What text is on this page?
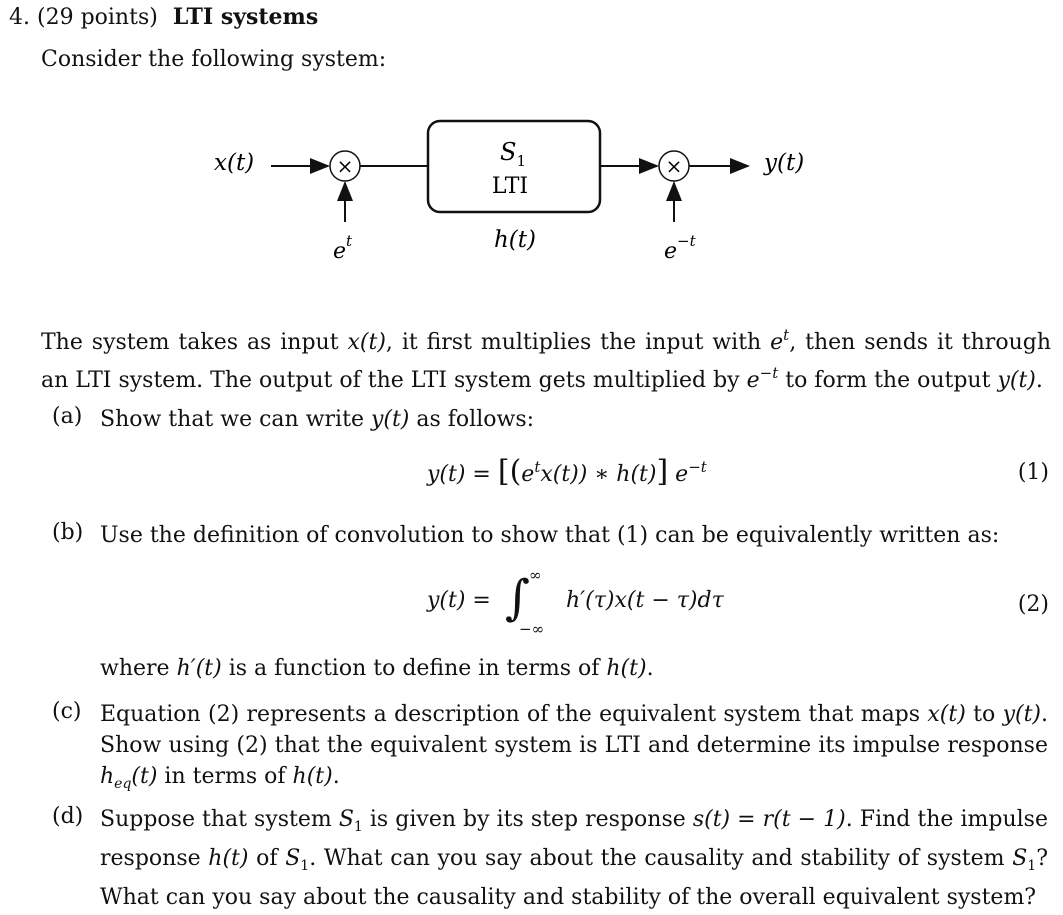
4. (29 points) LTI systems
Consider the following system:
×	$S_1$
LTI
×
x(t)	y(t)
$e^t$	$e^{-t}$
h(t)
The system takes as input x(t), it first multiplies the input with $e^t$, then sends it through an LTI system. The output of the LTI system gets multiplied by $e^{-t}$ to form the output y(t).
(a) Show that we can write y(t) as follows:
$y(t) = [(e^tx(t))$ ∗ h(t)] $e^{-t}$	(1)
(b) Use the definition of convolution to show that (1) can be equivalently written as:
y(t) = ∫
∞
−∞
h′(τ)x(t − τ)dτ	(2)
where h′(t) is a function to define in terms of h(t).
(c) Equation (2) represents a description of the equivalent system that maps x(t) to y(t). Show using (2) that the equivalent system is LTI and determine its impulse response $h_{eq}(t)$ in terms of h(t).
(d) Suppose that system $S_1$ is given by its step response s(t) = r(t − 1). Find the impulse response h(t) of $S_1$. What can you say about the causality and stability of system $S_1$? What can you say about the causality and stability of the overall equivalent system?
